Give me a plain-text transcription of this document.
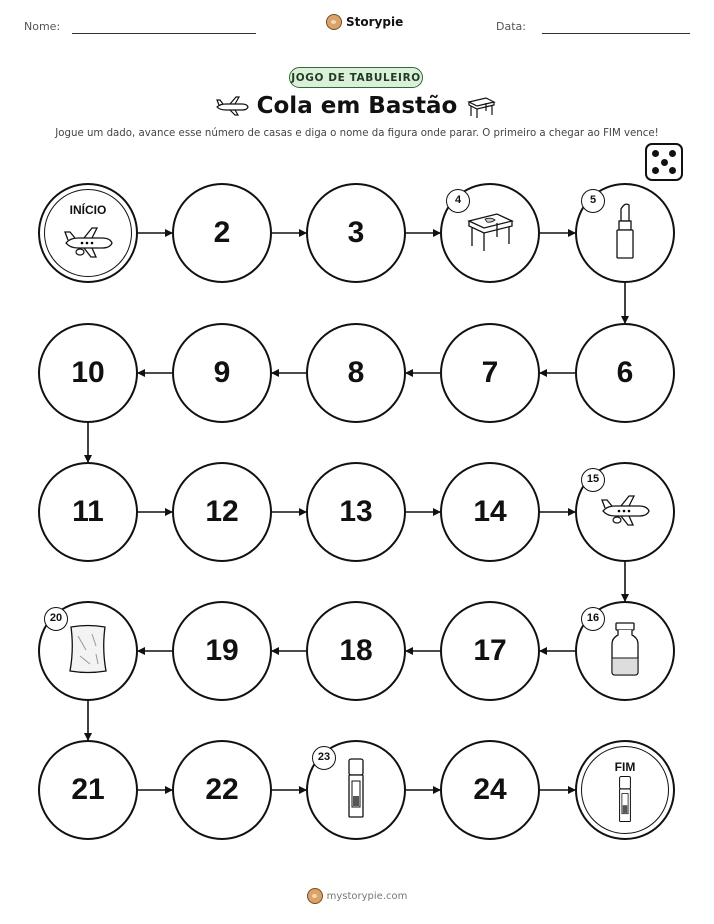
Nome:	Storypie	Data:
JOGO DE TABULEIRO
Cola em Bastão
Jogue um dado, avance esse número de casas e diga o nome da figura onde parar. O primeiro a chegar ao FIM vence!
INÍCIO
2	3
4	5
6
7
8
9
10
11	12	13	14
15
16
17
18
19
20
21	22
23
24
FIM
mystorypie.com
